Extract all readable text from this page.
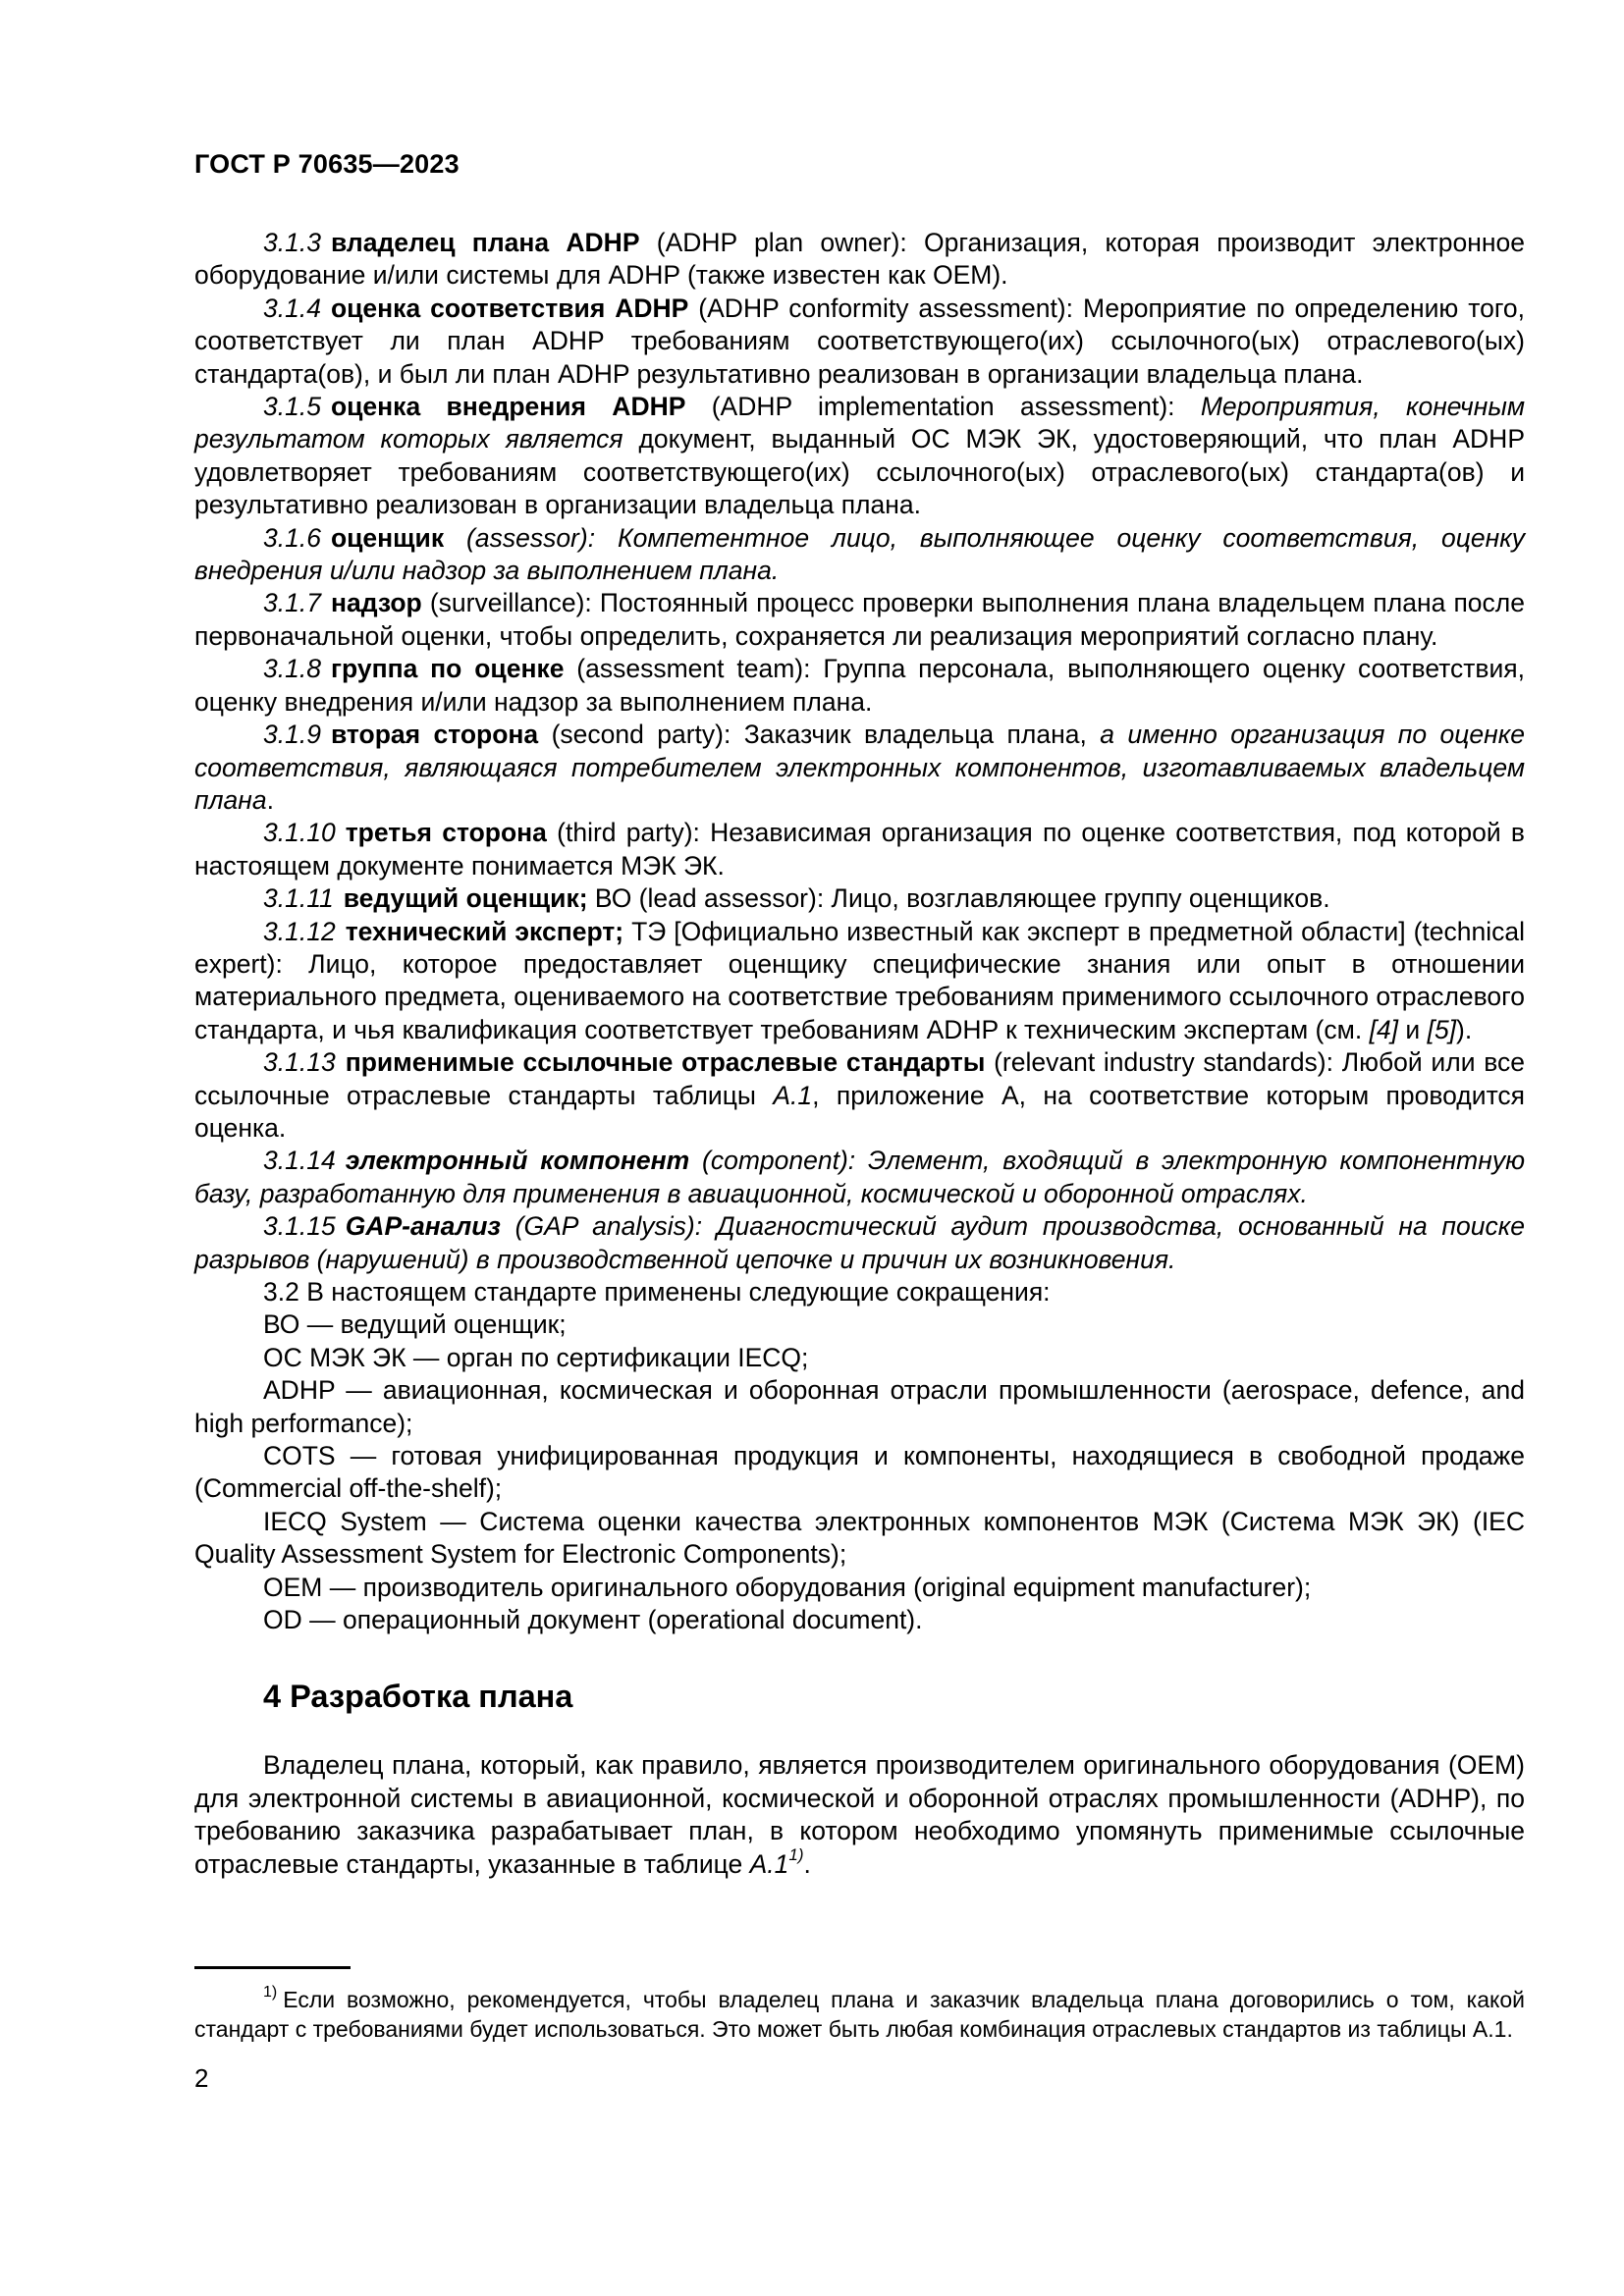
ГОСТ Р 70635—2023

3.1.3 владелец плана ADHP (ADHP plan owner): Организация, которая производит электронное оборудование и/или системы для ADHP (также известен как OEM).

3.1.4 оценка соответствия ADHP (ADHP conformity assessment): Мероприятие по определению того, соответствует ли план ADHP требованиям соответствующего(их) ссылочного(ых) отраслевого(ых) стандарта(ов), и был ли план ADHP результативно реализован в организации владельца плана.

3.1.5 оценка внедрения ADHP (ADHP implementation assessment): Мероприятия, конечным результатом которых является документ, выданный ОС МЭК ЭК, удостоверяющий, что план ADHP удовлетворяет требованиям соответствующего(их) ссылочного(ых) отраслевого(ых) стандарта(ов) и результативно реализован в организации владельца плана.

3.1.6 оценщик (assessor): Компетентное лицо, выполняющее оценку соответствия, оценку внедрения и/или надзор за выполнением плана.

3.1.7 надзор (surveillance): Постоянный процесс проверки выполнения плана владельцем плана после первоначальной оценки, чтобы определить, сохраняется ли реализация мероприятий согласно плану.

3.1.8 группа по оценке (assessment team): Группа персонала, выполняющего оценку соответствия, оценку внедрения и/или надзор за выполнением плана.

3.1.9 вторая сторона (second party): Заказчик владельца плана, а именно организация по оценке соответствия, являющаяся потребителем электронных компонентов, изготавливаемых владельцем плана.

3.1.10 третья сторона (third party): Независимая организация по оценке соответствия, под которой в настоящем документе понимается МЭК ЭК.

3.1.11 ведущий оценщик; ВО (lead assessor): Лицо, возглавляющее группу оценщиков.

3.1.12 технический эксперт; ТЭ [Официально известный как эксперт в предметной области] (technical expert): Лицо, которое предоставляет оценщику специфические знания или опыт в отношении материального предмета, оцениваемого на соответствие требованиям применимого ссылочного отраслевого стандарта, и чья квалификация соответствует требованиям ADHP к техническим экспертам (см. [4] и [5]).

3.1.13 применимые ссылочные отраслевые стандарты (relevant industry standards): Любой или все ссылочные отраслевые стандарты таблицы А.1, приложение А, на соответствие которым проводится оценка.

3.1.14 электронный компонент (component): Элемент, входящий в электронную компонентную базу, разработанную для применения в авиационной, космической и оборонной отраслях.

3.1.15 GAP-анализ (GAP analysis): Диагностический аудит производства, основанный на поиске разрывов (нарушений) в производственной цепочке и причин их возникновения.

3.2 В настоящем стандарте применены следующие сокращения:

ВО — ведущий оценщик;

ОС МЭК ЭК — орган по сертификации IECQ;

ADHP — авиационная, космическая и оборонная отрасли промышленности (aerospace, defence, and high performance);

COTS — готовая унифицированная продукция и компоненты, находящиеся в свободной продаже (Commercial off-the-shelf);

IECQ System — Система оценки качества электронных компонентов МЭК (Система МЭК ЭК) (IEC Quality Assessment System for Electronic Components);

OEM — производитель оригинального оборудования (original equipment manufacturer);

OD — операционный документ (operational document).

4 Разработка плана

Владелец плана, который, как правило, является производителем оригинального оборудования (OEM) для электронной системы в авиационной, космической и оборонной отраслях промышленности (ADHP), по требованию заказчика разрабатывает план, в котором необходимо упомянуть применимые ссылочные отраслевые стандарты, указанные в таблице А.1$^{1)}$.

$^{1)}$ Если возможно, рекомендуется, чтобы владелец плана и заказчик владельца плана договорились о том, какой стандарт с требованиями будет использоваться. Это может быть любая комбинация отраслевых стандартов из таблицы А.1.

2
